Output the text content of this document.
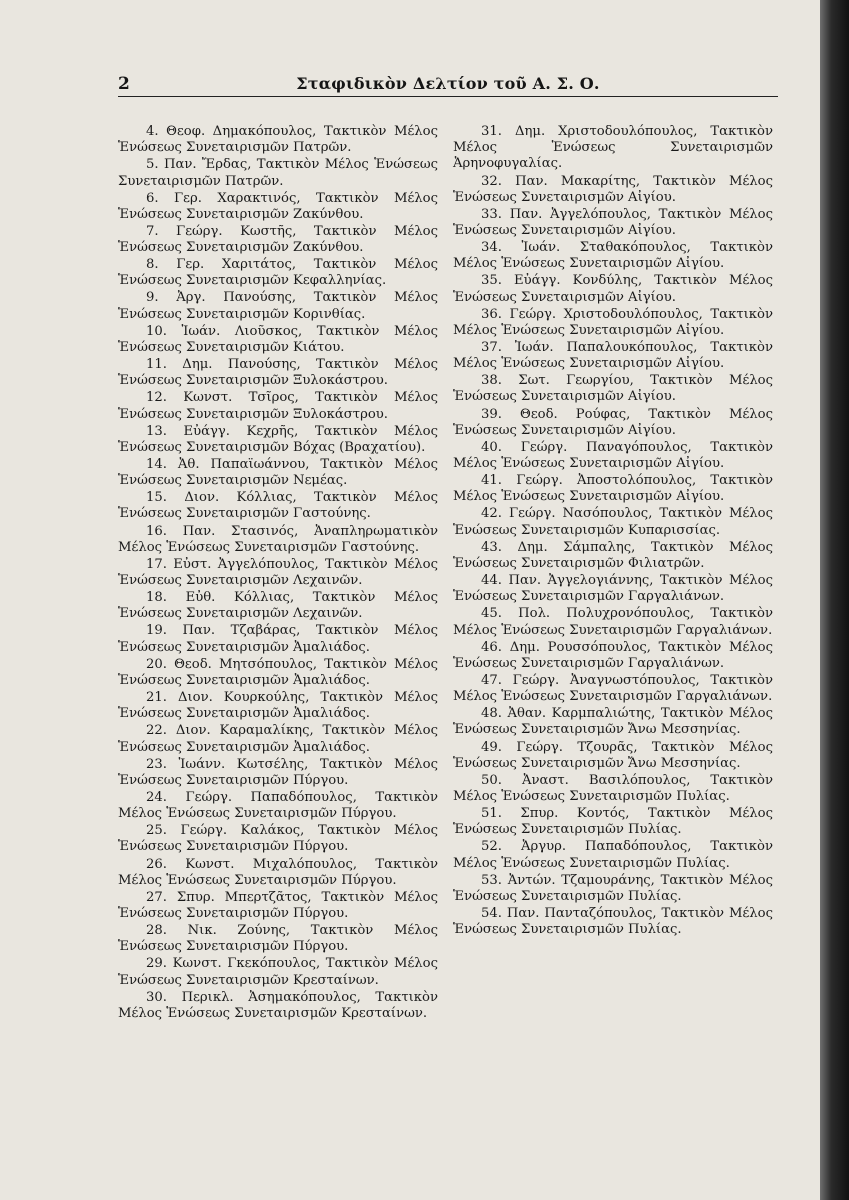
2	Σταφιδικὸν Δελτίον τοῦ Α. Σ. Ο.

4. Θεοφ. Δημακόπουλος, Τακτικὸν Μέλος Ἑνώσεως Συνεταιρισμῶν Πατρῶν.

5. Παν. Ἔρδας, Τακτικὸν Μέλος Ἑνώσεως Συνεταιρισμῶν Πατρῶν.

6. Γερ. Χαρακτινός, Τακτικὸν Μέλος Ἑνώσεως Συνεταιρισμῶν Ζακύνθου.

7. Γεώργ. Κωστῆς, Τακτικὸν Μέλος Ἑνώσεως Συνεταιρισμῶν Ζακύνθου.

8. Γερ. Χαριτάτος, Τακτικὸν Μέλος Ἑνώσεως Συνεταιρισμῶν Κεφαλληνίας.

9. Ἀργ. Πανούσης, Τακτικὸν Μέλος Ἑνώσεως Συνεταιρισμῶν Κορινθίας.

10. Ἰωάν. Λιοῦσκος, Τακτικὸν Μέλος Ἑνώσεως Συνεταιρισμῶν Κιάτου.

11. Δημ. Πανούσης, Τακτικὸν Μέλος Ἑνώσεως Συνεταιρισμῶν Ξυλοκάστρου.

12. Κωνστ. Τσῖρος, Τακτικὸν Μέλος Ἑνώσεως Συνεταιρισμῶν Ξυλοκάστρου.

13. Εὐάγγ. Κεχρῆς, Τακτικὸν Μέλος Ἑνώσεως Συνεταιρισμῶν Βόχας (Βραχατίου).

14. Ἀθ. Παπαϊωάννου, Τακτικὸν Μέλος Ἑνώσεως Συνεταιρισμῶν Νεμέας.

15. Διον. Κόλλιας, Τακτικὸν Μέλος Ἑνώσεως Συνεταιρισμῶν Γαστούνης.

16. Παν. Στασινός, Ἀναπληρωματικὸν Μέλος Ἑνώσεως Συνεταιρισμῶν Γαστούνης.

17. Εὐστ. Ἀγγελόπουλος, Τακτικὸν Μέλος Ἑνώσεως Συνεταιρισμῶν Λεχαινῶν.

18. Εὐθ. Κόλλιας, Τακτικὸν Μέλος Ἑνώσεως Συνεταιρισμῶν Λεχαινῶν.

19. Παν. Τζαβάρας, Τακτικὸν Μέλος Ἑνώσεως Συνεταιρισμῶν Ἀμαλιάδος.

20. Θεοδ. Μητσόπουλος, Τακτικὸν Μέλος Ἑνώσεως Συνεταιρισμῶν Ἀμαλιάδος.

21. Διον. Κουρκούλης, Τακτικὸν Μέλος Ἑνώσεως Συνεταιρισμῶν Ἀμαλιάδος.

22. Διον. Καραμαλίκης, Τακτικὸν Μέλος Ἑνώσεως Συνεταιρισμῶν Ἀμαλιάδος.

23. Ἰωάνν. Κωτσέλης, Τακτικὸν Μέλος Ἑνώσεως Συνεταιρισμῶν Πύργου.

24. Γεώργ. Παπαδόπουλος, Τακτικὸν Μέλος Ἑνώσεως Συνεταιρισμῶν Πύργου.

25. Γεώργ. Καλάκος, Τακτικὸν Μέλος Ἑνώσεως Συνεταιρισμῶν Πύργου.

26. Κωνστ. Μιχαλόπουλος, Τακτικὸν Μέλος Ἑνώσεως Συνεταιρισμῶν Πύργου.

27. Σπυρ. Μπερτζᾶτος, Τακτικὸν Μέλος Ἑνώσεως Συνεταιρισμῶν Πύργου.

28. Νικ. Ζούνης, Τακτικὸν Μέλος Ἑνώσεως Συνεταιρισμῶν Πύργου.

29. Κωνστ. Γκεκόπουλος, Τακτικὸν Μέλος Ἑνώσεως Συνεταιρισμῶν Κρεσταίνων.

30. Περικλ. Ἀσημακόπουλος, Τακτικὸν Μέλος Ἑνώσεως Συνεταιρισμῶν Κρεσταίνων.

31. Δημ. Χριστοδουλόπουλος, Τακτικὸν Μέλος Ἑνώσεως Συνεταιρισμῶν Ἀρηνοφυγαλίας.

32. Παν. Μακαρίτης, Τακτικὸν Μέλος Ἑνώσεως Συνεταιρισμῶν Αἰγίου.

33. Παν. Ἀγγελόπουλος, Τακτικὸν Μέλος Ἑνώσεως Συνεταιρισμῶν Αἰγίου.

34. Ἰωάν. Σταθακόπουλος, Τακτικὸν Μέλος Ἑνώσεως Συνεταιρισμῶν Αἰγίου.

35. Εὐάγγ. Κονδύλης, Τακτικὸν Μέλος Ἑνώσεως Συνεταιρισμῶν Αἰγίου.

36. Γεώργ. Χριστοδουλόπουλος, Τακτικὸν Μέλος Ἑνώσεως Συνεταιρισμῶν Αἰγίου.

37. Ἰωάν. Παπαλουκόπουλος, Τακτικὸν Μέλος Ἑνώσεως Συνεταιρισμῶν Αἰγίου.

38. Σωτ. Γεωργίου, Τακτικὸν Μέλος Ἑνώσεως Συνεταιρισμῶν Αἰγίου.

39. Θεοδ. Ρούφας, Τακτικὸν Μέλος Ἑνώσεως Συνεταιρισμῶν Αἰγίου.

40. Γεώργ. Παναγόπουλος, Τακτικὸν Μέλος Ἑνώσεως Συνεταιρισμῶν Αἰγίου.

41. Γεώργ. Ἀποστολόπουλος, Τακτικὸν Μέλος Ἑνώσεως Συνεταιρισμῶν Αἰγίου.

42. Γεώργ. Νασόπουλος, Τακτικὸν Μέλος Ἑνώσεως Συνεταιρισμῶν Κυπαρισσίας.

43. Δημ. Σάμπαλης, Τακτικὸν Μέλος Ἑνώσεως Συνεταιρισμῶν Φιλιατρῶν.

44. Παν. Ἀγγελογιάννης, Τακτικὸν Μέλος Ἑνώσεως Συνεταιρισμῶν Γαργαλιάνων.

45. Πολ. Πολυχρονόπουλος, Τακτικὸν Μέλος Ἑνώσεως Συνεταιρισμῶν Γαργαλιάνων.

46. Δημ. Ρουσσόπουλος, Τακτικὸν Μέλος Ἑνώσεως Συνεταιρισμῶν Γαργαλιάνων.

47. Γεώργ. Ἀναγνωστόπουλος, Τακτικὸν Μέλος Ἑνώσεως Συνεταιρισμῶν Γαργαλιάνων.

48. Ἀθαν. Καρμπαλιώτης, Τακτικὸν Μέλος Ἑνώσεως Συνεταιρισμῶν Ἄνω Μεσσηνίας.

49. Γεώργ. Τζουρᾶς, Τακτικὸν Μέλος Ἑνώσεως Συνεταιρισμῶν Ἄνω Μεσσηνίας.

50. Ἀναστ. Βασιλόπουλος, Τακτικὸν Μέλος Ἑνώσεως Συνεταιρισμῶν Πυλίας.

51. Σπυρ. Κοντός, Τακτικὸν Μέλος Ἑνώσεως Συνεταιρισμῶν Πυλίας.

52. Ἀργυρ. Παπαδόπουλος, Τακτικὸν Μέλος Ἑνώσεως Συνεταιρισμῶν Πυλίας.

53. Ἀντών. Τζαμουράνης, Τακτικὸν Μέλος Ἑνώσεως Συνεταιρισμῶν Πυλίας.

54. Παν. Πανταζόπουλος, Τακτικὸν Μέλος Ἑνώσεως Συνεταιρισμῶν Πυλίας.
